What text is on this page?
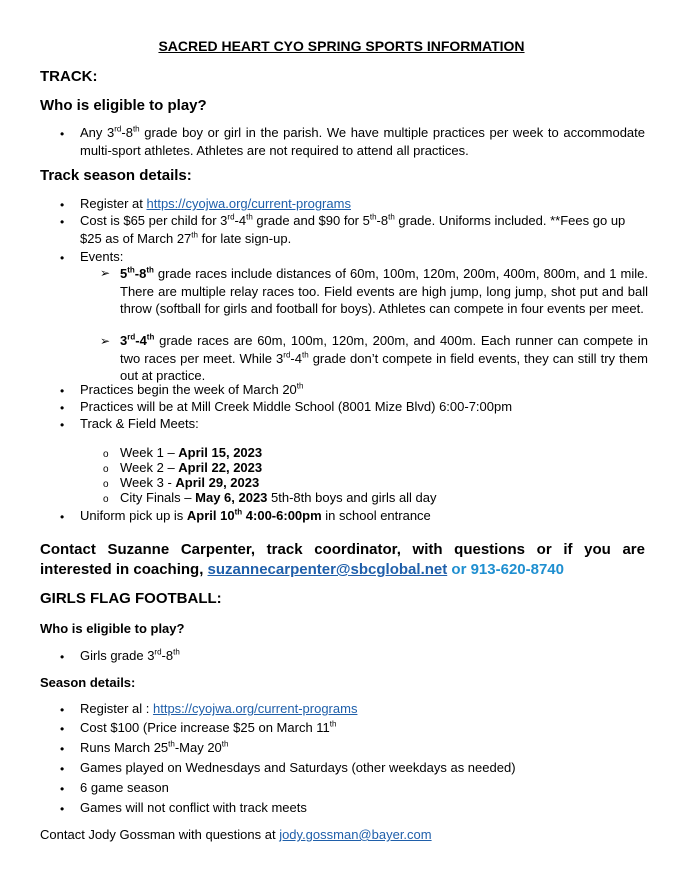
SACRED HEART CYO SPRING SPORTS INFORMATION
TRACK:
Who is eligible to play?
• Any 3rd-8th grade boy or girl in the parish. We have multiple practices per week to accommodate multi-sport athletes. Athletes are not required to attend all practices.
Track season details:
• Register at https://cyojwa.org/current-programs
• Cost is $65 per child for 3rd-4th grade and $90 for 5th-8th grade. Uniforms included. **Fees go up $25 as of March 27th for late sign-up.
• Events:
➢ 5th-8th grade races include distances of 60m, 100m, 120m, 200m, 400m, 800m, and 1 mile. There are multiple relay races too. Field events are high jump, long jump, shot put and ball throw (softball for girls and football for boys). Athletes can compete in four events per meet.
➢ 3rd-4th grade races are 60m, 100m, 120m, 200m, and 400m. Each runner can compete in two races per meet. While 3rd-4th grade don’t compete in field events, they can still try them out at practice.
• Practices begin the week of March 20th
• Practices will be at Mill Creek Middle School (8001 Mize Blvd) 6:00-7:00pm
• Track & Field Meets:
o Week 1 – April 15, 2023
o Week 2 – April 22, 2023
o Week 3 - April 29, 2023
o City Finals – May 6, 2023 5th-8th boys and girls all day
• Uniform pick up is April 10th 4:00-6:00pm in school entrance
Contact Suzanne Carpenter, track coordinator, with questions or if you are interested in coaching, suzannecarpenter@sbcglobal.net or 913-620-8740
GIRLS FLAG FOOTBALL:
Who is eligible to play?
• Girls grade 3rd-8th
Season details:
• Register al : https://cyojwa.org/current-programs
• Cost $100 (Price increase $25 on March 11th
• Runs March 25th-May 20th
• Games played on Wednesdays and Saturdays (other weekdays as needed)
• 6 game season
• Games will not conflict with track meets
Contact Jody Gossman with questions at jody.gossman@bayer.com
